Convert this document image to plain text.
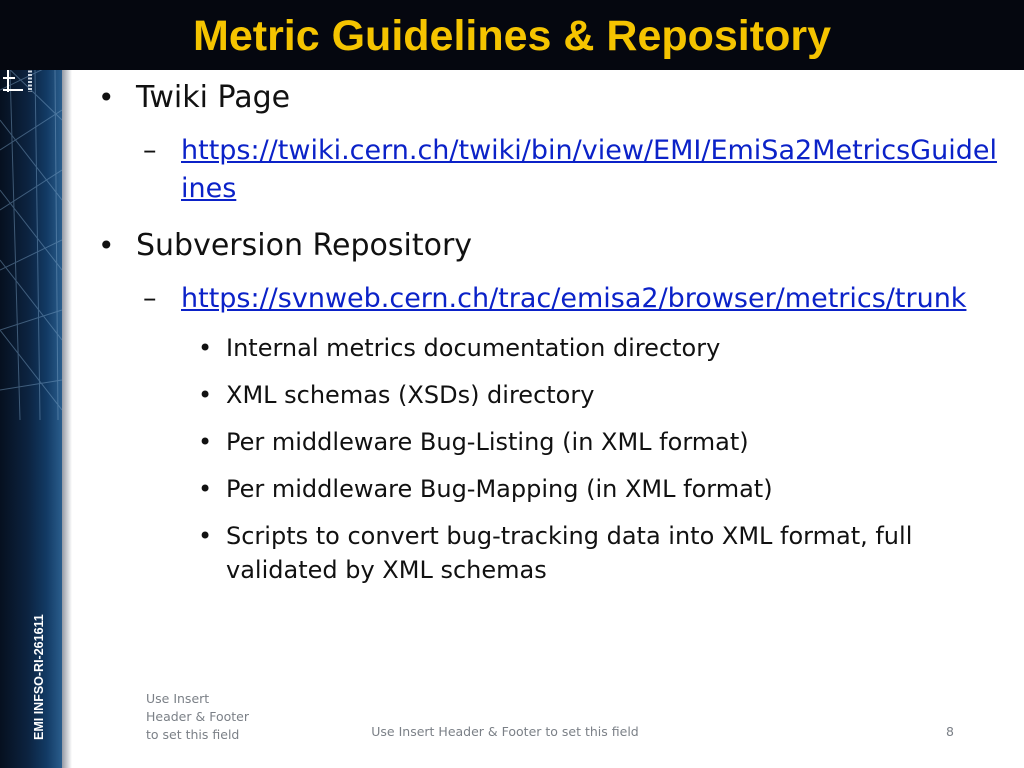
EMI INFSO-RI-261611
Metric Guidelines & Repository
• Twiki Page
– https://twiki.cern.ch/twiki/bin/view/EMI/EmiSa2MetricsGuidelines
• Subversion Repository
– https://svnweb.cern.ch/trac/emisa2/browser/metrics/trunk
• Internal metrics documentation directory
• XML schemas (XSDs) directory
• Per middleware Bug-Listing (in XML format)
• Per middleware Bug-Mapping (in XML format)
• Scripts to convert bug-tracking data into XML format, full validated by XML schemas
Use Insert Header & Footer to set this field	Use Insert Header & Footer to set this field	8
